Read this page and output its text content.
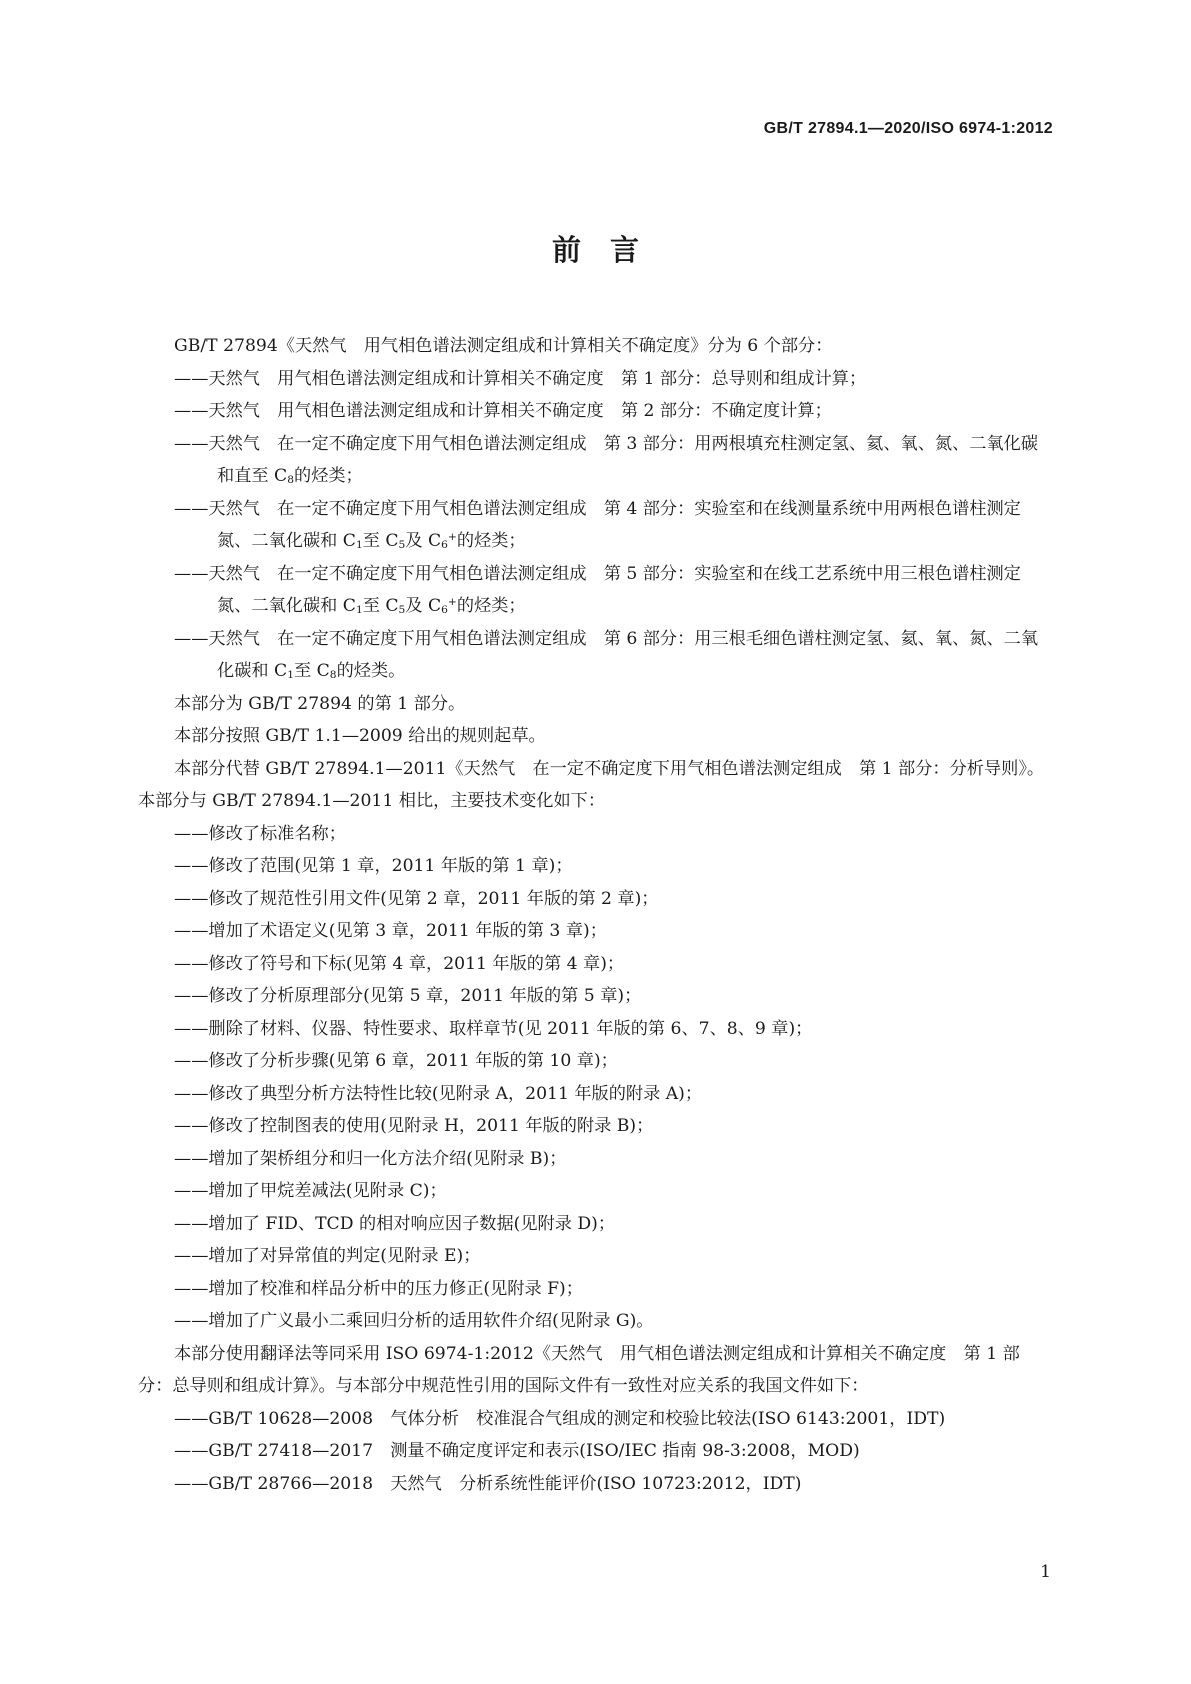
GB/T 27894.1—2020/ISO 6974-1:2012
前　言

GB/T 27894《天然气　用气相色谱法测定组成和计算相关不确定度》分为 6 个部分：

——天然气　用气相色谱法测定组成和计算相关不确定度　第 1 部分：总导则和组成计算；

——天然气　用气相色谱法测定组成和计算相关不确定度　第 2 部分：不确定度计算；

——天然气　在一定不确定度下用气相色谱法测定组成　第 3 部分：用两根填充柱测定氢、氦、氧、氮、二氧化碳和直至 $C_8$的烃类；

——天然气　在一定不确定度下用气相色谱法测定组成　第 4 部分：实验室和在线测量系统中用两根色谱柱测定氮、二氧化碳和 $C_1$至 $C_5$及 $C_6^+$的烃类；

——天然气　在一定不确定度下用气相色谱法测定组成　第 5 部分：实验室和在线工艺系统中用三根色谱柱测定氮、二氧化碳和 $C_1$至 $C_5$及 $C_6^+$的烃类；

——天然气　在一定不确定度下用气相色谱法测定组成　第 6 部分：用三根毛细色谱柱测定氢、氦、氧、氮、二氧化碳和 $C_1$至 $C_8$的烃类。

本部分为 GB/T 27894 的第 1 部分。

本部分按照 GB/T 1.1—2009 给出的规则起草。

本部分代替 GB/T 27894.1—2011《天然气　在一定不确定度下用气相色谱法测定组成　第 1 部分：分析导则》。本部分与 GB/T 27894.1—2011 相比，主要技术变化如下：

——修改了标准名称；

——修改了范围(见第 1 章，2011 年版的第 1 章)；

——修改了规范性引用文件(见第 2 章，2011 年版的第 2 章)；

——增加了术语定义(见第 3 章，2011 年版的第 3 章)；

——修改了符号和下标(见第 4 章，2011 年版的第 4 章)；

——修改了分析原理部分(见第 5 章，2011 年版的第 5 章)；

——删除了材料、仪器、特性要求、取样章节(见 2011 年版的第 6、7、8、9 章)；

——修改了分析步骤(见第 6 章，2011 年版的第 10 章)；

——修改了典型分析方法特性比较(见附录 A，2011 年版的附录 A)；

——修改了控制图表的使用(见附录 H，2011 年版的附录 B)；

——增加了架桥组分和归一化方法介绍(见附录 B)；

——增加了甲烷差减法(见附录 C)；

——增加了 FID、TCD 的相对响应因子数据(见附录 D)；

——增加了对异常值的判定(见附录 E)；

——增加了校准和样品分析中的压力修正(见附录 F)；

——增加了广义最小二乘回归分析的适用软件介绍(见附录 G)。

本部分使用翻译法等同采用 ISO 6974-1:2012《天然气　用气相色谱法测定组成和计算相关不确定度　第 1 部分：总导则和组成计算》。与本部分中规范性引用的国际文件有一致性对应关系的我国文件如下：

——GB/T 10628—2008　气体分析　校准混合气组成的测定和校验比较法(ISO 6143:2001，IDT)

——GB/T 27418—2017　测量不确定度评定和表示(ISO/IEC 指南 98-3:2008，MOD)

——GB/T 28766—2018　天然气　分析系统性能评价(ISO 10723:2012，IDT)

1
